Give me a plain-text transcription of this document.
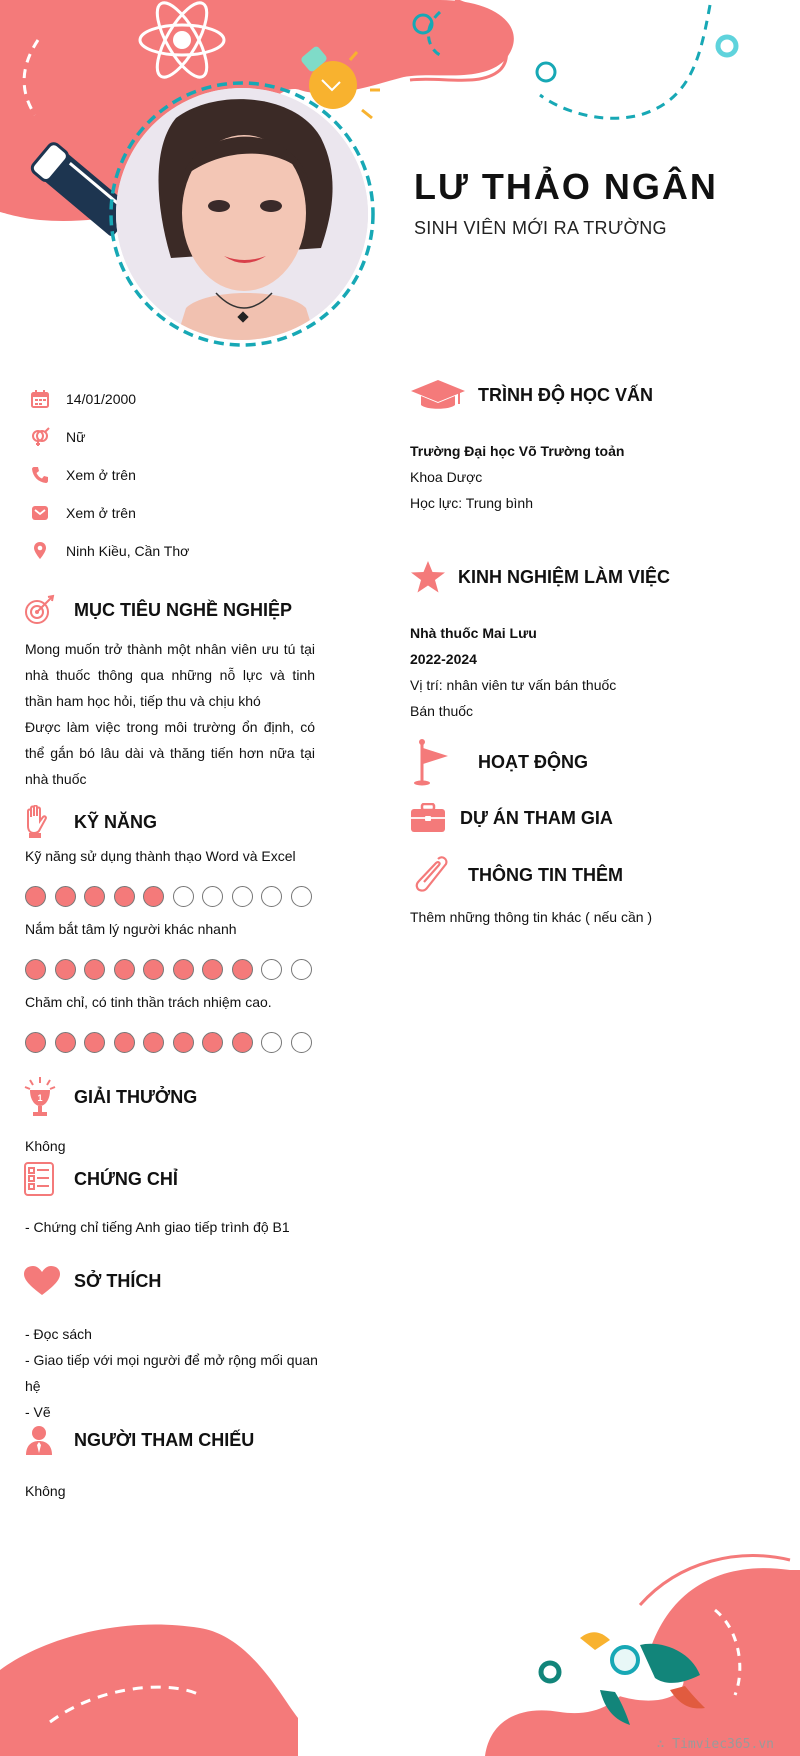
LƯ THẢO NGÂN
SINH VIÊN MỚI RA TRƯỜNG
14/01/2000
Nữ
Xem ở trên
Xem ở trên
Ninh Kiều, Cần Thơ
MỤC TIÊU NGHỀ NGHIỆP
Mong muốn trở thành một nhân viên ưu tú tại nhà thuốc thông qua những nỗ lực và tinh thần ham học hỏi, tiếp thu và chịu khó
Được làm việc trong môi trường ổn định, có thể gắn bó lâu dài và thăng tiến hơn nữa tại nhà thuốc
KỸ NĂNG
Kỹ năng sử dụng thành thạo Word và Excel
Nắm bắt tâm lý người khác nhanh
Chăm chỉ, có tinh thần trách nhiệm cao.
1 GIẢI THƯỞNG
Không
CHỨNG CHỈ
- Chứng chỉ tiếng Anh giao tiếp trình độ B1
SỞ THÍCH
- Đọc sách
- Giao tiếp với mọi người để mở rộng mối quan hệ
- Vẽ
NGƯỜI THAM CHIẾU
Không
TRÌNH ĐỘ HỌC VẤN
Trường Đại học Võ Trường toản
Khoa Dược
Học lực: Trung bình
KINH NGHIỆM LÀM VIỆC
Nhà thuốc Mai Lưu
2022-2024
Vị trí: nhân viên tư vấn bán thuốc
Bán thuốc
HOẠT ĐỘNG
DỰ ÁN THAM GIA
THÔNG TIN THÊM
Thêm những thông tin khác ( nếu cần )
∴ Timviec365.vn
